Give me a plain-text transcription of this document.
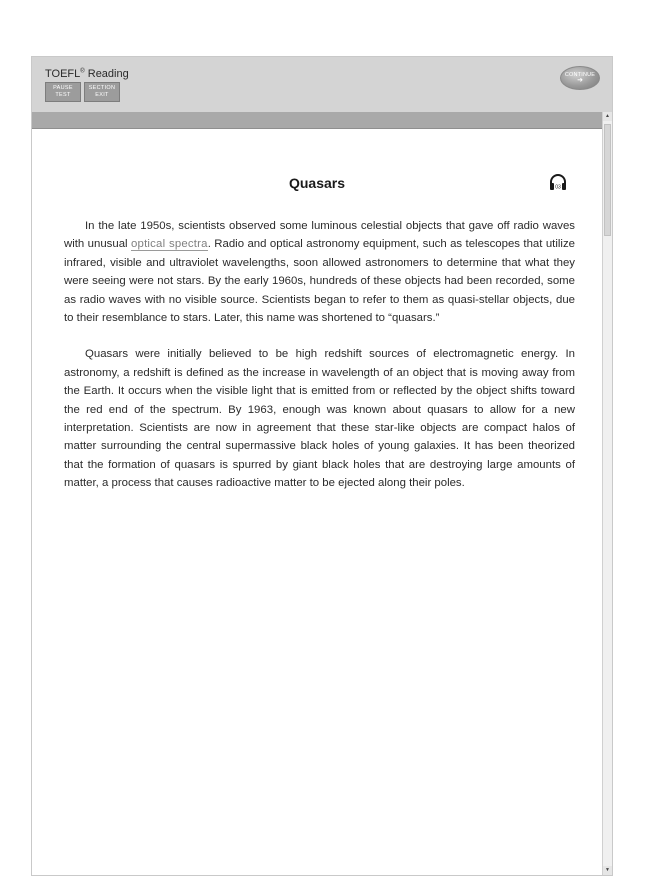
TOEFL® Reading
PAUSE
TEST
SECTION
EXIT
CONTINUE
➜
▲
▼
Quasars	03

In the late 1950s, scientists observed some luminous celestial objects that gave off radio waves with unusual optical spectra. Radio and optical astronomy equipment, such as telescopes that utilize infrared, visible and ultraviolet wavelengths, soon allowed astronomers to determine that what they were seeing were not stars. By the early 1960s, hundreds of these objects had been recorded, some as radio waves with no visible source. Scientists began to refer to them as quasi-stellar objects, due to their resemblance to stars. Later, this name was shortened to “quasars.”

Quasars were initially believed to be high redshift sources of electromagnetic energy. In astronomy, a redshift is defined as the increase in wavelength of an object that is moving away from the Earth. It occurs when the visible light that is emitted from or reflected by the object shifts toward the red end of the spectrum. By 1963, enough was known about quasars to allow for a new interpretation. Scientists are now in agreement that these star-like objects are compact halos of matter surrounding the central supermassive black holes of young galaxies. It has been theorized that the formation of quasars is spurred by giant black holes that are destroying large amounts of matter, a process that causes radioactive matter to be ejected along their poles.
